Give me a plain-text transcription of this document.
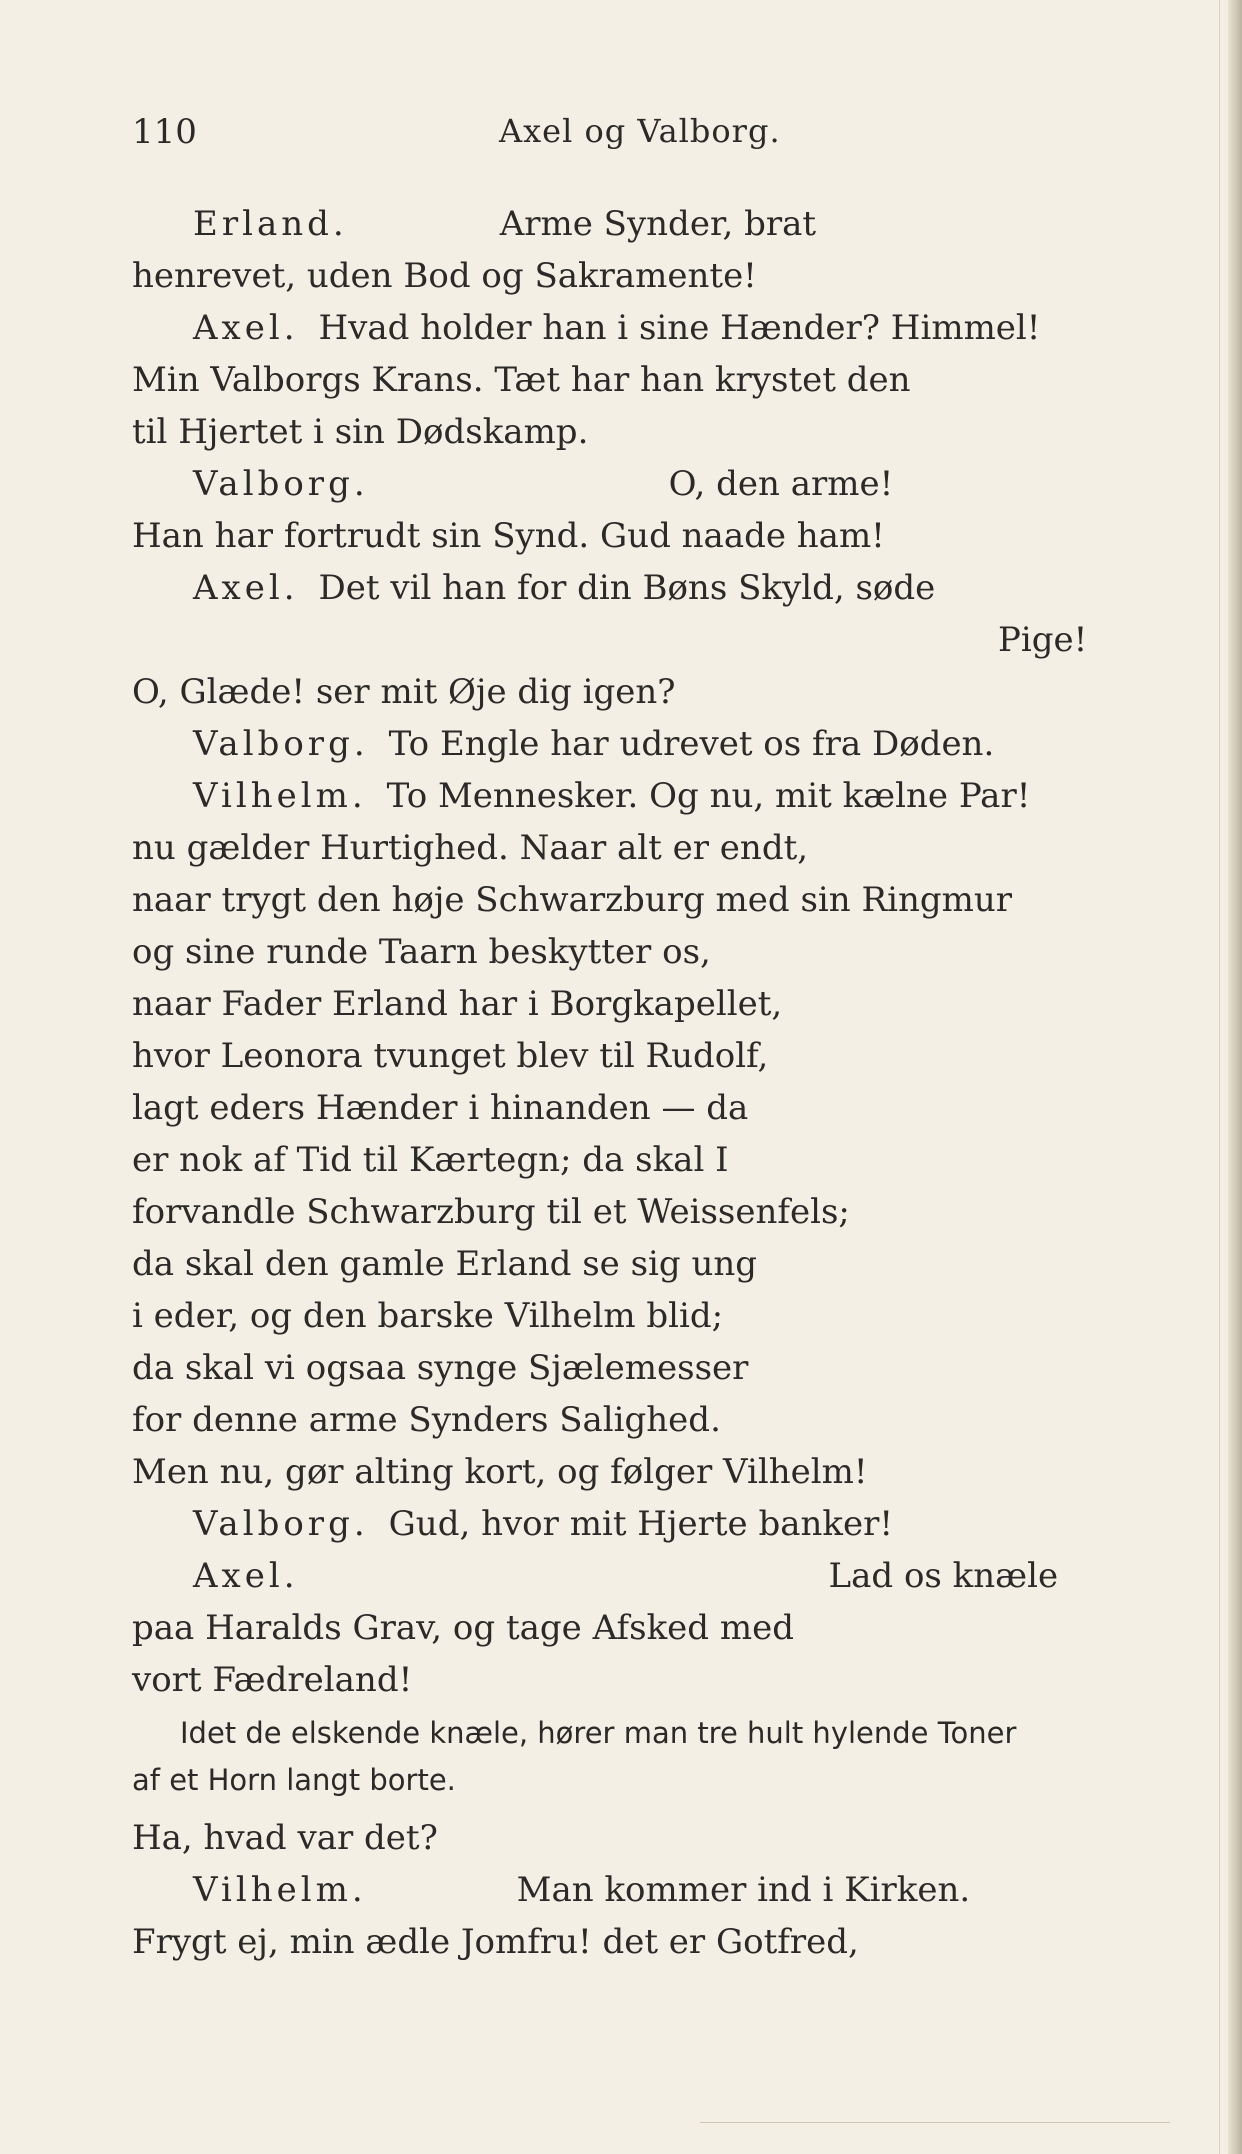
110	Axel og Valborg.
Erland.	Arme Synder, brat
henrevet, uden Bod og Sakramente!
Axel. Hvad holder han i sine Hænder? Himmel!
Min Valborgs Krans. Tæt har han krystet den
til Hjertet i sin Dødskamp.
Valborg.	O, den arme!
Han har fortrudt sin Synd. Gud naade ham!
Axel. Det vil han for din Bøns Skyld, søde
Pige!
O, Glæde! ser mit Øje dig igen?
Valborg. To Engle har udrevet os fra Døden.
Vilhelm. To Mennesker. Og nu, mit kælne Par!
nu gælder Hurtighed. Naar alt er endt,
naar trygt den høje Schwarzburg med sin Ringmur
og sine runde Taarn beskytter os,
naar Fader Erland har i Borgkapellet,
hvor Leonora tvunget blev til Rudolf,
lagt eders Hænder i hinanden — da
er nok af Tid til Kærtegn; da skal I
forvandle Schwarzburg til et Weissenfels;
da skal den gamle Erland se sig ung
i eder, og den barske Vilhelm blid;
da skal vi ogsaa synge Sjælemesser
for denne arme Synders Salighed.
Men nu, gør alting kort, og følger Vilhelm!
Valborg. Gud, hvor mit Hjerte banker!
Axel.	Lad os knæle
paa Haralds Grav, og tage Afsked med
vort Fædreland!
Idet de elskende knæle, hører man tre hult hylende Toner
af et Horn langt borte.
Ha, hvad var det?
Vilhelm.	Man kommer ind i Kirken.
Frygt ej, min ædle Jomfru! det er Gotfred,
